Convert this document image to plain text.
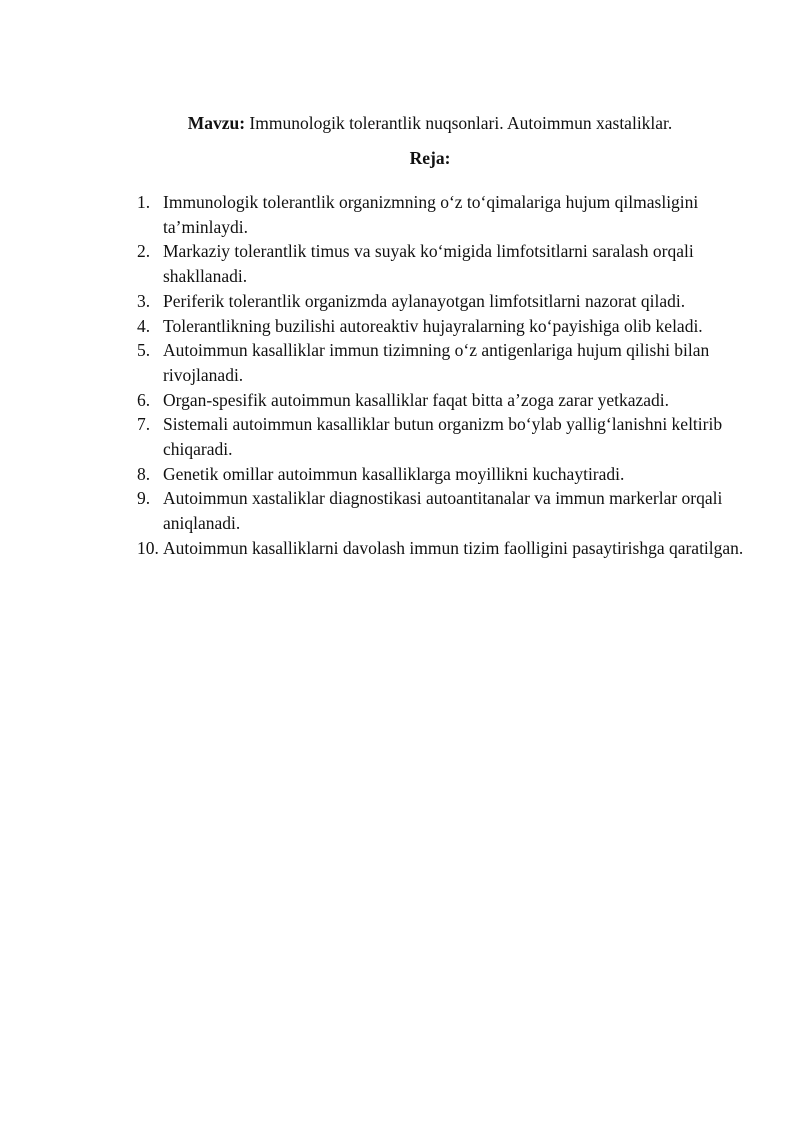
Mavzu: Immunologik tolerantlik nuqsonlari. Autoimmun xastaliklar.
Reja:
1. Immunologik tolerantlik organizmning o‘z to‘qimalariga hujum qilmasligini ta’minlaydi.
2. Markaziy tolerantlik timus va suyak ko‘migida limfotsitlarni saralash orqali shakllanadi.
3. Periferik tolerantlik organizmda aylanayotgan limfotsitlarni nazorat qiladi.
4. Tolerantlikning buzilishi autoreaktiv hujayralarning ko‘payishiga olib keladi.
5. Autoimmun kasalliklar immun tizimning o‘z antigenlariga hujum qilishi bilan rivojlanadi.
6. Organ-spesifik autoimmun kasalliklar faqat bitta a’zoga zarar yetkazadi.
7. Sistemali autoimmun kasalliklar butun organizm bo‘ylab yallig‘lanishni keltirib chiqaradi.
8. Genetik omillar autoimmun kasalliklarga moyillikni kuchaytiradi.
9. Autoimmun xastaliklar diagnostikasi autoantitanalar va immun markerlar orqali aniqlanadi.
10. Autoimmun kasalliklarni davolash immun tizim faolligini pasaytirishga qaratilgan.
